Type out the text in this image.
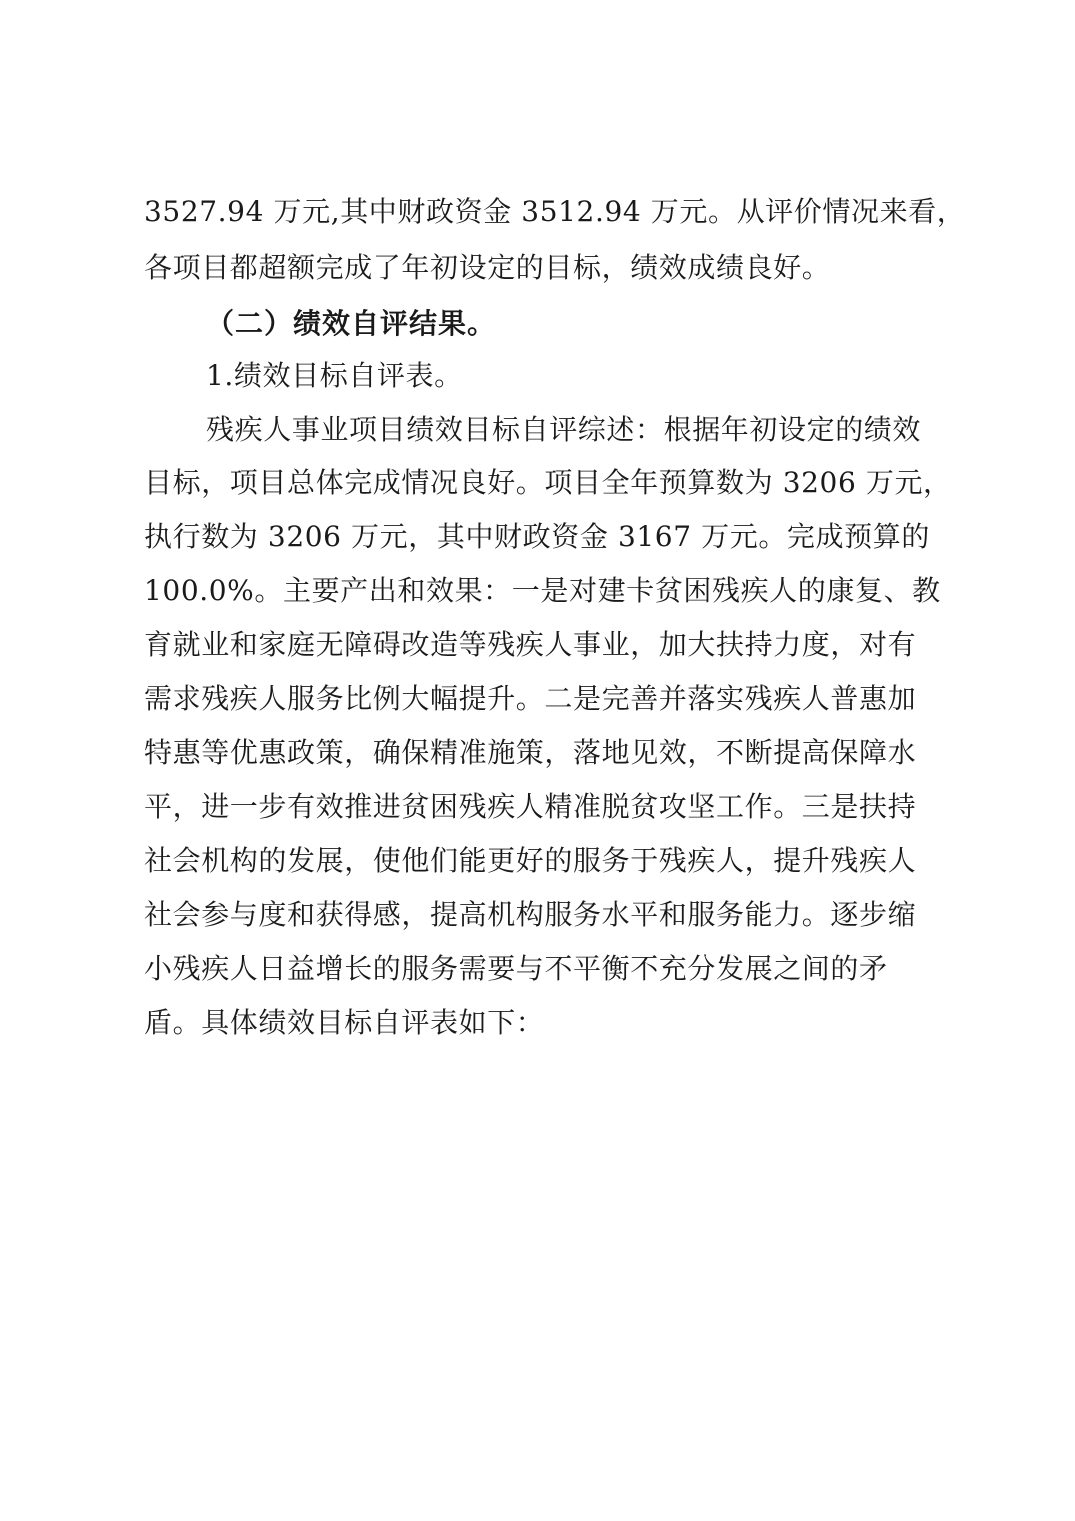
3527.94 万元,其中财政资金 3512.94 万元。从评价情况来看，

各项目都超额完成了年初设定的目标，绩效成绩良好。

（二）绩效自评结果。

1.绩效目标自评表。

残疾人事业项目绩效目标自评综述：根据年初设定的绩效

目标，项目总体完成情况良好。项目全年预算数为 3206 万元，

执行数为 3206 万元，其中财政资金 3167 万元。完成预算的

100.0%。主要产出和效果：一是对建卡贫困残疾人的康复、教

育就业和家庭无障碍改造等残疾人事业，加大扶持力度，对有

需求残疾人服务比例大幅提升。二是完善并落实残疾人普惠加

特惠等优惠政策，确保精准施策，落地见效，不断提高保障水

平，进一步有效推进贫困残疾人精准脱贫攻坚工作。三是扶持

社会机构的发展，使他们能更好的服务于残疾人，提升残疾人

社会参与度和获得感，提高机构服务水平和服务能力。逐步缩

小残疾人日益增长的服务需要与不平衡不充分发展之间的矛

盾。具体绩效目标自评表如下：
